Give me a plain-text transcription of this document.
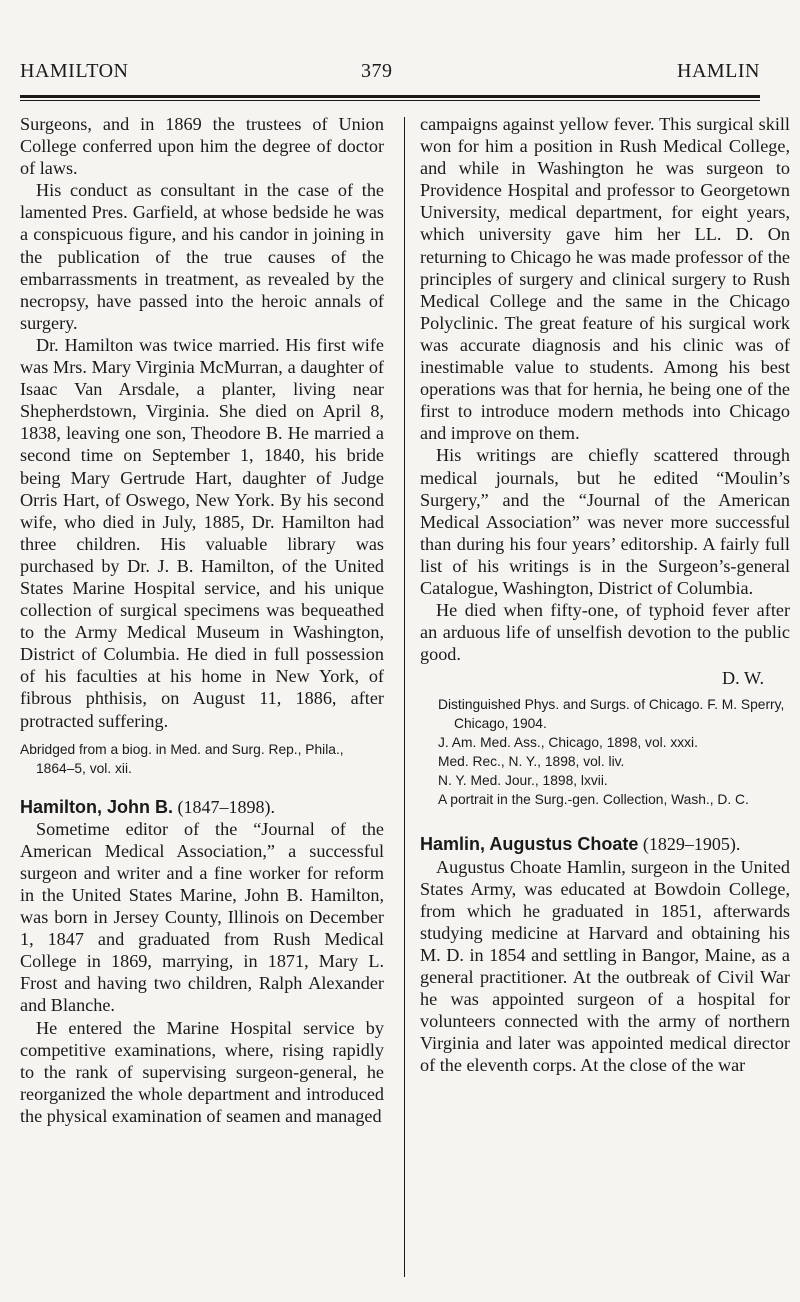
HAMILTON	379	HAMLIN

Surgeons, and in 1869 the trustees of Union College conferred upon him the degree of doctor of laws.

His conduct as consultant in the case of the lamented Pres. Garfield, at whose bedside he was a conspicuous figure, and his candor in joining in the publication of the true causes of the embarrassments in treatment, as revealed by the necropsy, have passed into the heroic annals of surgery.

Dr. Hamilton was twice married. His first wife was Mrs. Mary Virginia McMurran, a daughter of Isaac Van Arsdale, a planter, living near Shepherdstown, Virginia. She died on April 8, 1838, leaving one son, Theodore B. He married a second time on September 1, 1840, his bride being Mary Gertrude Hart, daughter of Judge Orris Hart, of Oswego, New York. By his second wife, who died in July, 1885, Dr. Hamilton had three children. His valuable library was purchased by Dr. J. B. Hamilton, of the United States Marine Hospital service, and his unique collection of surgical specimens was bequeathed to the Army Medical Museum in Washington, District of Columbia. He died in full possession of his faculties at his home in New York, of fibrous phthisis, on August 11, 1886, after protracted suffering.

Abridged from a biog. in Med. and Surg. Rep., Phila., 1864–5, vol. xii.

Hamilton, John B. (1847–1898).

Sometime editor of the “Journal of the American Medical Association,” a successful surgeon and writer and a fine worker for reform in the United States Marine, John B. Hamilton, was born in Jersey County, Illinois on December 1, 1847 and graduated from Rush Medical College in 1869, marrying, in 1871, Mary L. Frost and having two children, Ralph Alexander and Blanche.

He entered the Marine Hospital service by competitive examinations, where, rising rapidly to the rank of supervising surgeon-general, he reorganized the whole department and introduced the physical examination of seamen and managed

campaigns against yellow fever. This surgical skill won for him a position in Rush Medical College, and while in Washington he was surgeon to Providence Hospital and professor to Georgetown University, medical department, for eight years, which university gave him her LL. D. On returning to Chicago he was made professor of the principles of surgery and clinical surgery to Rush Medical College and the same in the Chicago Polyclinic. The great feature of his surgical work was accurate diagnosis and his clinic was of inestimable value to students. Among his best operations was that for hernia, he being one of the first to introduce modern methods into Chicago and improve on them.

His writings are chiefly scattered through medical journals, but he edited “Moulin’s Surgery,” and the “Journal of the American Medical Association” was never more successful than during his four years’ editorship. A fairly full list of his writings is in the Surgeon’s-general Catalogue, Washington, District of Columbia.

He died when fifty-one, of typhoid fever after an arduous life of unselfish devotion to the public good.

D. W.

Distinguished Phys. and Surgs. of Chicago. F. M. Sperry, Chicago, 1904.
J. Am. Med. Ass., Chicago, 1898, vol. xxxi.
Med. Rec., N. Y., 1898, vol. liv.
N. Y. Med. Jour., 1898, lxvii.
A portrait in the Surg.-gen. Collection, Wash., D. C.

Hamlin, Augustus Choate (1829–1905).

Augustus Choate Hamlin, surgeon in the United States Army, was educated at Bowdoin College, from which he graduated in 1851, afterwards studying medicine at Harvard and obtaining his M. D. in 1854 and settling in Bangor, Maine, as a general practitioner. At the outbreak of Civil War he was appointed surgeon of a hospital for volunteers connected with the army of northern Virginia and later was appointed medical director of the eleventh corps. At the close of the war
